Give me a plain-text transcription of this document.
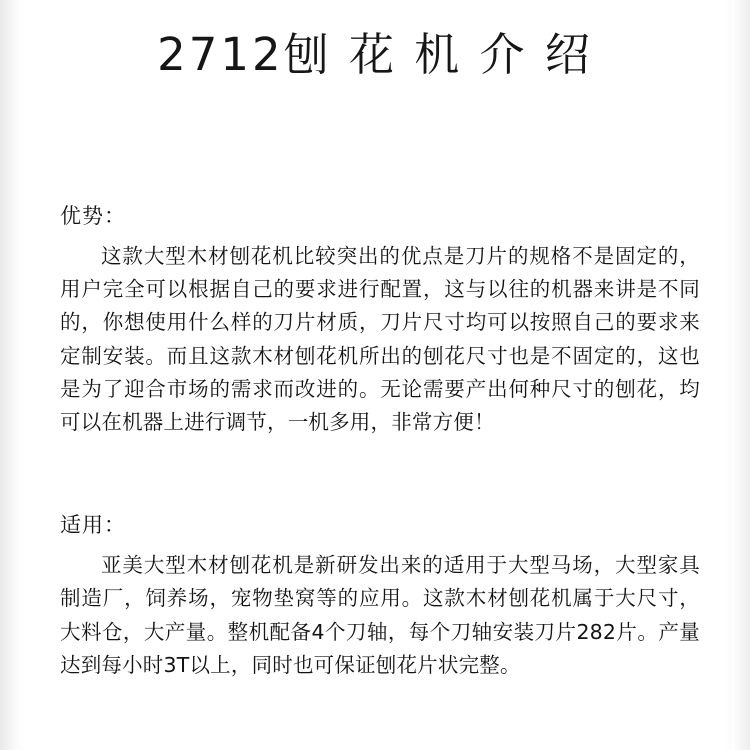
2712刨 花 机 介 绍
优势：
这款大型木材刨花机比较突出的优点是刀片的规格不是固定的，用户完全可以根据自己的要求进行配置，这与以往的机器来讲是不同的，你想使用什么样的刀片材质，刀片尺寸均可以按照自己的要求来定制安装。而且这款木材刨花机所出的刨花尺寸也是不固定的，这也是为了迎合市场的需求而改进的。无论需要产出何种尺寸的刨花，均可以在机器上进行调节，一机多用，非常方便！
适用：
亚美大型木材刨花机是新研发出来的适用于大型马场，大型家具制造厂，饲养场，宠物垫窝等的应用。这款木材刨花机属于大尺寸，大料仓，大产量。整机配备4个刀轴，每个刀轴安装刀片282片。产量达到每小时3T以上，同时也可保证刨花片状完整。
